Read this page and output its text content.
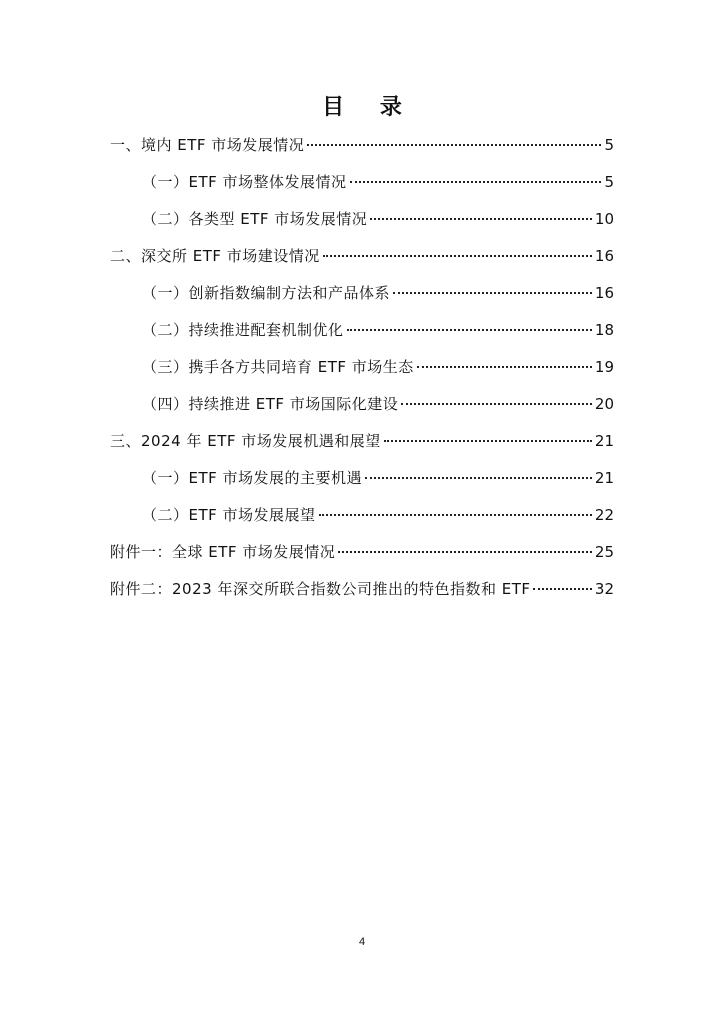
目 录
一、境内 ETF 市场发展情况	5
（一）ETF 市场整体发展情况	5
（二）各类型 ETF 市场发展情况	10
二、深交所 ETF 市场建设情况	16
（一）创新指数编制方法和产品体系	16
（二）持续推进配套机制优化	18
（三）携手各方共同培育 ETF 市场生态	19
（四）持续推进 ETF 市场国际化建设	20
三、2024 年 ETF 市场发展机遇和展望	21
（一）ETF 市场发展的主要机遇	21
（二）ETF 市场发展展望	22
附件一：全球 ETF 市场发展情况	25
附件二：2023 年深交所联合指数公司推出的特色指数和 ETF	32
4
